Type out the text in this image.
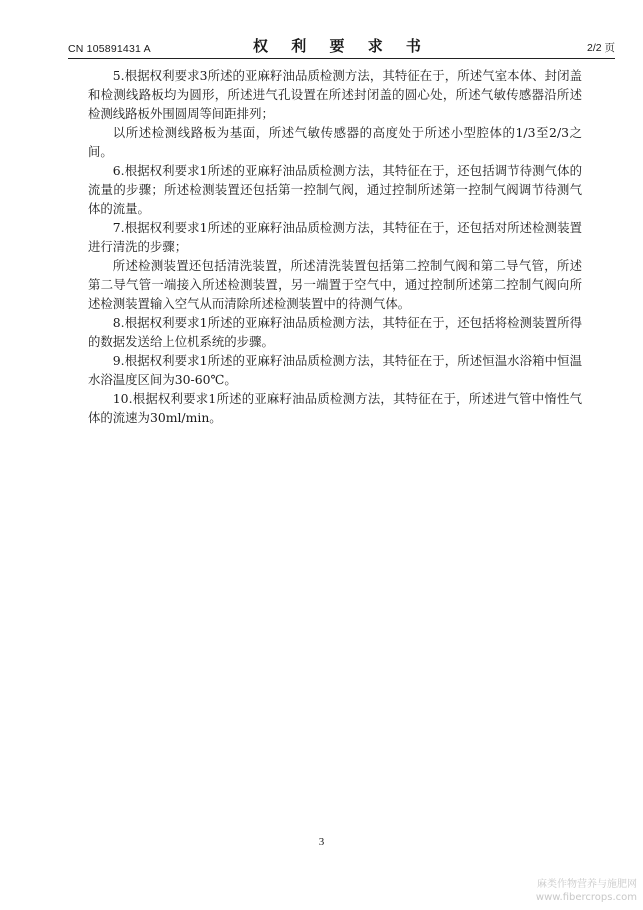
CN 105891431 A	权 利 要 求 书	2/2 页

5.根据权利要求3所述的亚麻籽油品质检测方法，其特征在于，所述气室本体、封闭盖和检测线路板均为圆形，所述进气孔设置在所述封闭盖的圆心处，所述气敏传感器沿所述检测线路板外围圆周等间距排列；

以所述检测线路板为基面，所述气敏传感器的高度处于所述小型腔体的1/3至2/3之间。

6.根据权利要求1所述的亚麻籽油品质检测方法，其特征在于，还包括调节待测气体的流量的步骤；所述检测装置还包括第一控制气阀，通过控制所述第一控制气阀调节待测气体的流量。

7.根据权利要求1所述的亚麻籽油品质检测方法，其特征在于，还包括对所述检测装置进行清洗的步骤；

所述检测装置还包括清洗装置，所述清洗装置包括第二控制气阀和第二导气管，所述第二导气管一端接入所述检测装置，另一端置于空气中，通过控制所述第二控制气阀向所述检测装置输入空气从而清除所述检测装置中的待测气体。

8.根据权利要求1所述的亚麻籽油品质检测方法，其特征在于，还包括将检测装置所得的数据发送给上位机系统的步骤。

9.根据权利要求1所述的亚麻籽油品质检测方法，其特征在于，所述恒温水浴箱中恒温水浴温度区间为30-60℃。

10.根据权利要求1所述的亚麻籽油品质检测方法，其特征在于，所述进气管中惰性气体的流速为30ml/min。

3
麻类作物营养与施肥网
www.fibercrops.com
